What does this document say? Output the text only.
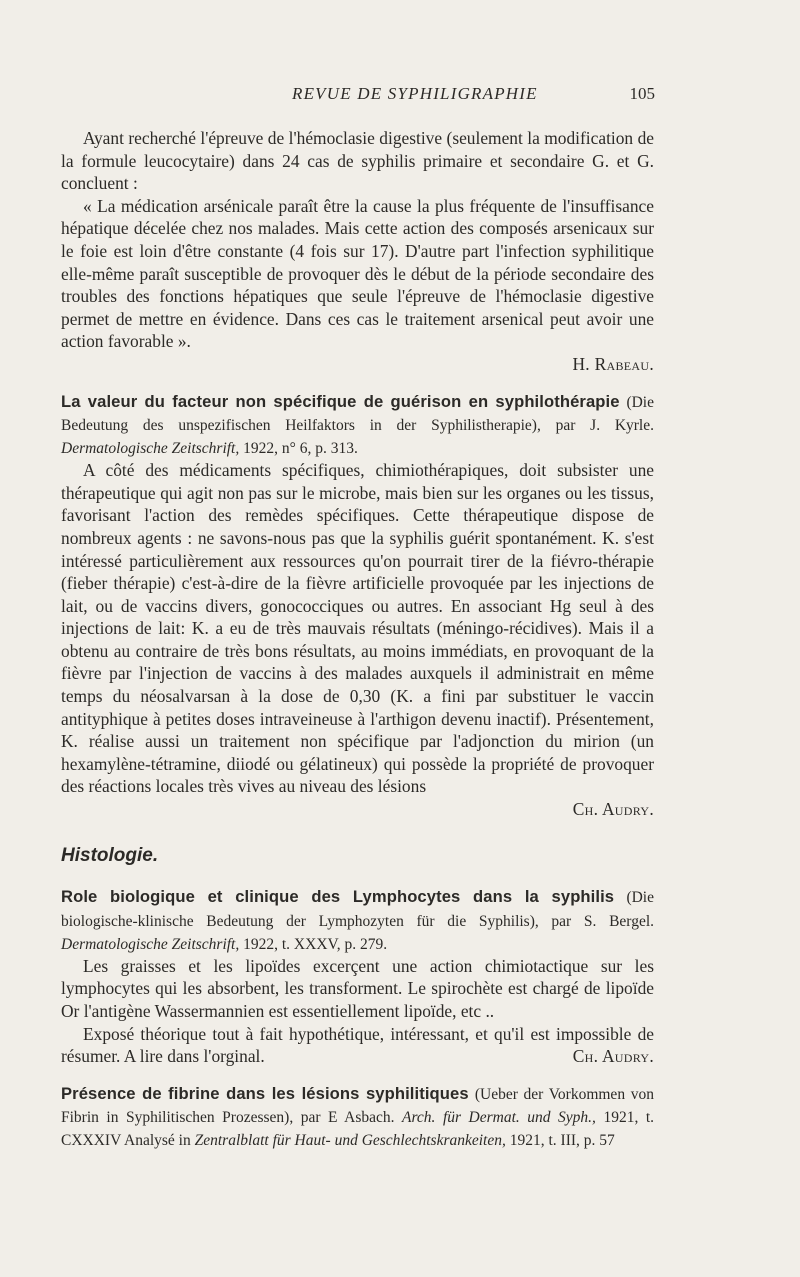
REVUE DE SYPHILIGRAPHIE	105

Ayant recherché l'épreuve de l'hémoclasie digestive (seulement la modification de la formule leucocytaire) dans 24 cas de syphilis primaire et secondaire G. et G. concluent :

« La médication arsénicale paraît être la cause la plus fréquente de l'insuffisance hépatique décelée chez nos malades. Mais cette action des composés arsenicaux sur le foie est loin d'être constante (4 fois sur 17). D'autre part l'infection syphilitique elle-même paraît susceptible de provoquer dès le début de la période secondaire des troubles des fonctions hépatiques que seule l'épreuve de l'hémoclasie digestive permet de mettre en évidence. Dans ces cas le traitement arsenical peut avoir une action favorable ».

H. Rabeau.

La valeur du facteur non spécifique de guérison en syphilothérapie (Die Bedeutung des unspezifischen Heilfaktors in der Syphilistherapie), par J. Kyrle. Dermatologische Zeitschrift, 1922, n° 6, p. 313.

A côté des médicaments spécifiques, chimiothérapiques, doit subsister une thérapeutique qui agit non pas sur le microbe, mais bien sur les organes ou les tissus, favorisant l'action des remèdes spécifiques. Cette thérapeutique dispose de nombreux agents : ne savons-nous pas que la syphilis guérit spontanément. K. s'est intéressé particulièrement aux ressources qu'on pourrait tirer de la fiévro-thérapie (fieber thérapie) c'est-à-dire de la fièvre artificielle provoquée par les injections de lait, ou de vaccins divers, gonococciques ou autres. En associant Hg seul à des injections de lait: K. a eu de très mauvais résultats (méningo-récidives). Mais il a obtenu au contraire de très bons résultats, au moins immédiats, en provoquant de la fièvre par l'injection de vaccins à des malades auxquels il administrait en même temps du néosalvarsan à la dose de 0,30 (K. a fini par substituer le vaccin antityphique à petites doses intraveineuse à l'arthigon devenu inactif). Présentement, K. réalise aussi un traitement non spécifique par l'adjonction du mirion (un hexamylène-tétramine, diiodé ou gélatineux) qui possède la propriété de provoquer des réactions locales très vives au niveau des lésions

Ch. Audry.
Histologie.

Role biologique et clinique des Lymphocytes dans la syphilis (Die biologische-klinische Bedeutung der Lymphozyten für die Syphilis), par S. Bergel. Dermatologische Zeitschrift, 1922, t. XXXV, p. 279.

Les graisses et les lipoïdes excerçent une action chimiotactique sur les lymphocytes qui les absorbent, les transforment. Le spirochète est chargé de lipoïde Or l'antigène Wassermannien est essentiellement lipoïde, etc ..

Exposé théorique tout à fait hypothétique, intéressant, et qu'il est impossible de résumer. A lire dans l'orginal.	Ch. Audry.

Présence de fibrine dans les lésions syphilitiques (Ueber der Vorkommen von Fibrin in Syphilitischen Prozessen), par E Asbach. Arch. für Dermat. und Syph., 1921, t. CXXXIV Analysé in Zentralblatt für Haut- und Geschlechtskrankeiten, 1921, t. III, p. 57
